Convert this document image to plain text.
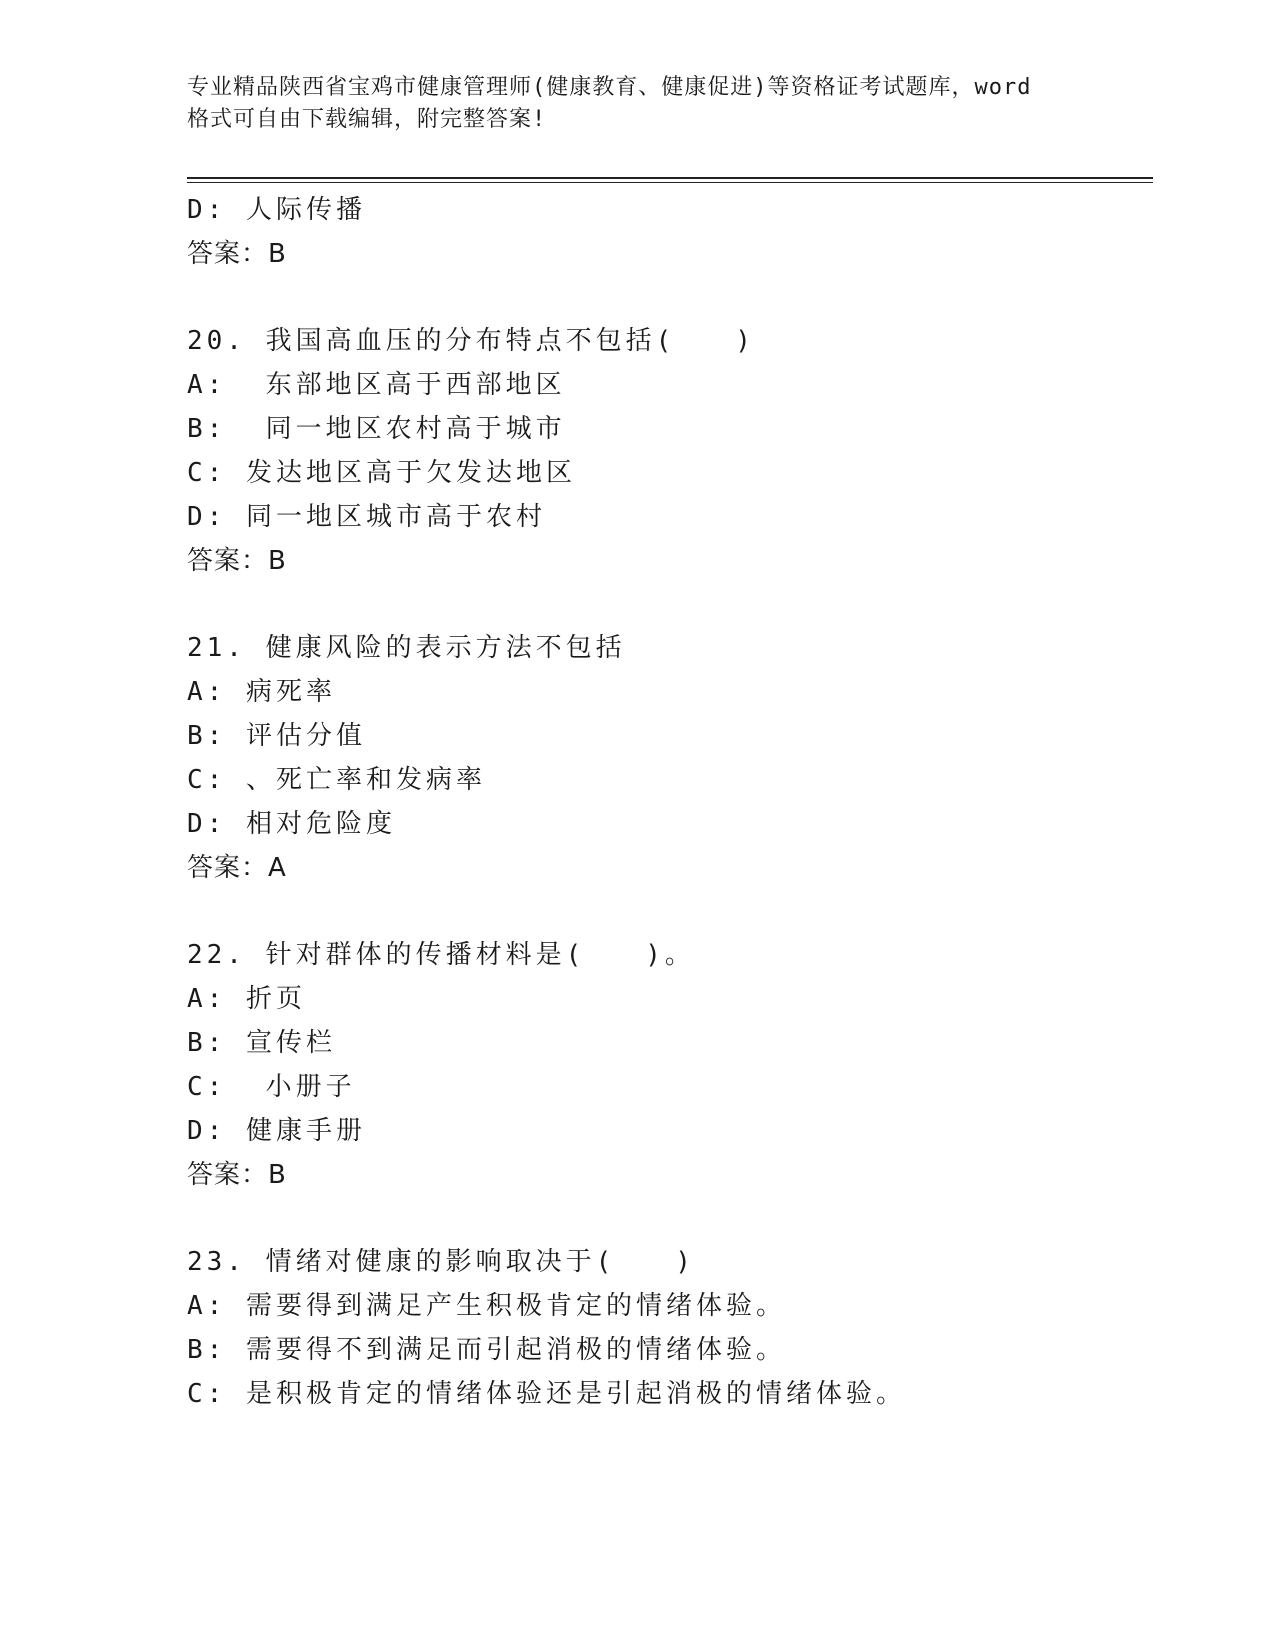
专业精品陕西省宝鸡市健康管理师(健康教育、健康促进)等资格证考试题库，word
格式可自由下载编辑，附完整答案!
D: 人际传播
答案：B
20. 我国高血压的分布特点不包括(　　)
A:  东部地区高于西部地区
B:  同一地区农村高于城市
C: 发达地区高于欠发达地区
D: 同一地区城市高于农村
答案：B
21. 健康风险的表示方法不包括
A: 病死率
B: 评估分值
C: 、死亡率和发病率
D: 相对危险度
答案：A
22. 针对群体的传播材料是(　　)。
A: 折页
B: 宣传栏
C:  小册子
D: 健康手册
答案：B
23. 情绪对健康的影响取决于(　　)
A: 需要得到满足产生积极肯定的情绪体验。
B: 需要得不到满足而引起消极的情绪体验。
C: 是积极肯定的情绪体验还是引起消极的情绪体验。
